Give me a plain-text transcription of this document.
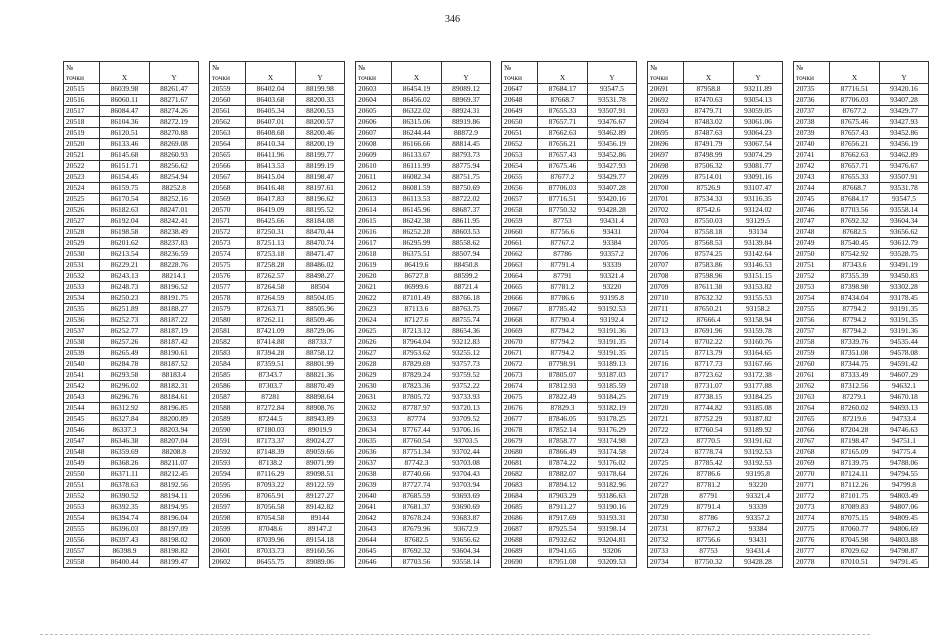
346
№
точки	X	Y
20515	86039.98	88261.47
20516	86060.11	88271.67
20517	86084.47	88274.26
20518	86104.36	88272.19
20519	86120.51	88270.88
20520	86133.46	88269.08
20521	86145.68	88260.93
20522	86151.71	88256.62
20523	86154.45	88254.94
20524	86159.75	88252.8
20525	86170.54	88252.16
20526	86182.63	88247.01
20527	86192.04	88242.41
20528	86198.58	88238.49
20529	86201.62	88237.83
20530	86213.54	88236.59
20531	86229.21	88228.76
20532	86243.13	88214.1
20533	86248.73	88196.52
20534	86250.23	88191.75
20535	86251.89	88188.27
20536	86252.73	88187.22
20537	86252.77	88187.19
20538	86257.26	88187.42
20539	86265.49	88190.61
20540	86284.78	88187.52
20541	86293.58	88183.4
20542	86296.02	88182.31
20543	86296.76	88184.61
20544	86312.92	88196.85
20545	86327.84	88200.89
20546	86337.3	88203.94
20547	86346.38	88207.04
20548	86359.69	88208.8
20549	86368.26	88211.07
20550	86371.11	88212.45
20551	86378.63	88192.56
20552	86390.52	88194.11
20553	86392.35	88194.95
20554	86394.74	88196.04
20555	86396.03	88197.09
20556	86397.43	88198.02
20557	86398.9	88198.82
20558	86400.44	88199.47
№
точки	X	Y
20559	86402.04	88199.98
20560	86403.68	88200.33
20561	86405.34	88200.53
20562	86407.01	88200.57
20563	86408.68	88200.46
20564	86410.34	88200.19
20565	86411.96	88199.77
20566	86413.53	88199.19
20567	86415.04	88198.47
20568	86416.48	88197.61
20569	86417.83	88196.62
20570	86419.09	88195.52
20571	86425.66	88184.08
20572	87250.31	88470.44
20573	87251.13	88470.74
20574	87253.18	88471.47
20575	87258.28	88486.02
20576	87262.57	88498.27
20577	87264.58	88504
20578	87264.59	88504.05
20579	87263.71	88505.96
20580	87262.11	88509.46
20581	87421.09	88729.06
20582	87414.88	88733.7
20583	87394.28	88758.12
20584	87359.51	88801.99
20585	87343.7	88821.36
20586	87303.7	88870.49
20587	87281	88898.64
20588	87272.84	88908.76
20589	87244.5	88943.89
20590	87180.03	89019.9
20591	87173.37	89024.27
20592	87148.39	89059.66
20593	87138.2	89071.99
20594	87116.29	89098.51
20595	87093.22	89122.59
20596	87065.91	89127.27
20597	87056.58	89142.82
20598	87054.58	89144
20599	87048.6	89147.2
20600	87039.96	89154.18
20601	87033.73	89160.56
20602	86455.75	89089.06
№
точки	X	Y
20603	86454.19	89089.12
20604	86456.02	88969.37
20605	86322.02	88924.31
20606	86315.06	88919.86
20607	86244.44	88872.9
20608	86166.66	88814.45
20609	86133.67	88793.73
20610	86111.99	88775.94
20611	86082.34	88751.75
20612	86081.59	88750.69
20613	86113.53	88722.02
20614	86145.96	88687.37
20615	86242.38	88611.95
20616	86252.28	88603.53
20617	86295.99	88558.62
20618	86375.51	88507.94
20619	86419.6	88450.8
20620	86727.8	88599.2
20621	86999.6	88721.4
20622	87101.49	88766.18
20623	87113.6	88763.75
20624	87127.6	88755.74
20625	87213.12	88654.36
20626	87964.04	93212.83
20627	87953.62	93255.12
20628	87829.69	93757.73
20629	87829.24	93759.52
20630	87823.36	93752.22
20631	87805.72	93733.93
20632	87787.97	93720.13
20633	87774	93709.52
20634	87767.44	93706.16
20635	87760.54	93703.5
20636	87751.34	93702.44
20637	87742.3	93703.08
20638	87740.66	93704.43
20639	87727.74	93703.94
20640	87685.59	93693.69
20641	87681.37	93690.69
20642	87678.24	93683.87
20643	87679.96	93672.9
20644	87682.5	93656.62
20645	87692.32	93604.34
20646	87703.56	93558.14
№
точки	X	Y
20647	87684.17	93547.5
20648	87668.7	93531.78
20649	87655.33	93507.91
20650	87657.71	93476.67
20651	87662.63	93462.89
20652	87656.21	93456.19
20653	87657.43	93452.86
20654	87675.46	93427.93
20655	87677.2	93429.77
20656	87706.03	93407.28
20657	87716.51	93420.16
20658	87750.32	93428.28
20659	87753	93431.4
20660	87756.6	93431
20661	87767.2	93384
20662	87786	93357.2
20663	87791.4	93339
20664	87791	93321.4
20665	87781.2	93220
20666	87786.6	93195.8
20667	87785.42	93192.53
20668	87790.4	93192.4
20669	87794.2	93191.36
20670	87794.2	93191.35
20671	87794.2	93191.35
20672	87798.91	93189.13
20673	87805.07	93187.03
20674	87812.93	93185.59
20675	87822.49	93184.25
20676	87829.3	93182.19
20677	87846.05	93178.25
20678	87852.14	93176.29
20679	87858.77	93174.98
20680	87866.49	93174.58
20681	87874.22	93176.02
20682	87882.07	93178.64
20683	87894.12	93182.96
20684	87903.29	93186.63
20685	87911.27	93190.16
20686	87917.69	93193.31
20687	87925.54	93198.14
20688	87932.62	93204.81
20689	87941.65	93206
20690	87951.08	93209.53
№
точки	X	Y
20691	87958.8	93211.89
20692	87470.63	93054.13
20693	87479.71	93059.05
20694	87483.02	93061.06
20695	87487.63	93064.23
20696	87491.79	93067.54
20697	87498.99	93074.29
20698	87506.32	93081.77
20699	87514.01	93091.16
20700	87526.9	93107.47
20701	87534.33	93116.35
20702	87542.6	93124.02
20703	87550.03	93129.5
20704	87558.18	93134
20705	87568.53	93139.84
20706	87574.25	93142.64
20707	87583.86	93146.53
20708	87598.96	93151.15
20709	87611.38	93153.82
20710	87632.32	93155.53
20711	87650.21	93158.2
20712	87666.4	93158.94
20713	87691.96	93159.78
20714	87702.22	93160.76
20715	87713.79	93164.65
20716	87717.73	93167.66
20717	87723.62	93172.38
20718	87731.07	93177.88
20719	87738.15	93184.25
20720	87744.82	93185.08
20721	87752.29	93187.82
20722	87760.54	93189.92
20723	87770.5	93191.62
20724	87778.74	93192.53
20725	87785.42	93192.53
20726	87786.6	93195.8
20727	87781.2	93220
20728	87791	93321.4
20729	87791.4	93339
20730	87786	93357.2
20731	87767.2	93384
20732	87756.6	93431
20733	87753	93431.4
20734	87750.32	93428.28
№
точки	X	Y
20735	87716.51	93420.16
20736	87706.03	93407.28
20737	87677.2	93429.77
20738	87675.46	93427.93
20739	87657.43	93452.86
20740	87656.21	93456.19
20741	87662.63	93462.89
20742	87657.71	93476.67
20743	87655.33	93507.91
20744	87668.7	93531.78
20745	87684.17	93547.5
20746	87703.56	93558.14
20747	87692.32	93604.34
20748	87682.5	93656.62
20749	87540.45	93612.79
20750	87542.92	93528.75
20751	87343.6	93491.19
20752	87355.39	93450.83
20753	87398.98	93302.28
20754	87434.04	93178.45
20755	87794.2	93191.35
20756	87794.2	93191.35
20757	87794.2	93191.36
20758	87339.76	94535.44
20759	87351.08	94578.08
20760	87344.75	94591.42
20761	87333.49	94607.29
20762	87312.56	94632.1
20763	87279.1	94670.18
20764	87260.02	94693.13
20765	87219.6	94733.4
20766	87204.28	94746.63
20767	87198.47	94751.1
20768	87165.09	94775.4
20769	87139.75	94788.06
20770	87124.11	94794.55
20771	87112.26	94799.8
20772	87101.75	94803.49
20773	87089.83	94807.06
20774	87075.15	94809.45
20775	87060.77	94806.69
20776	87045.98	94803.88
20777	87029.62	94798.87
20778	87010.51	94791.45
